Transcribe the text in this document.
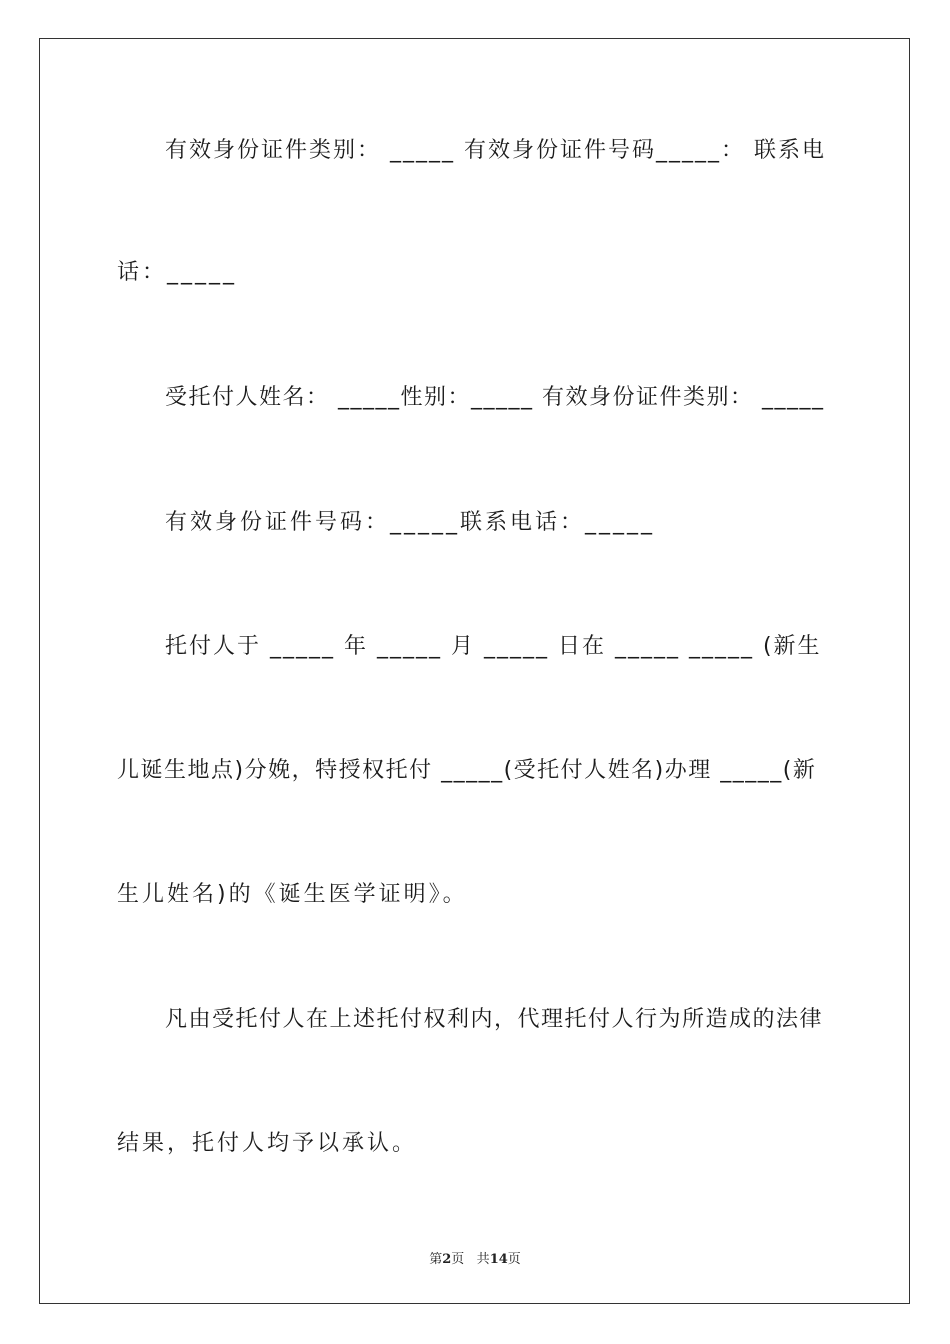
有效身份证件类别： _____ 有效身份证件号码_____： 联系电
话：_____
受托付人姓名： _____性别：_____ 有效身份证件类别： _____
有效身份证件号码：_____联系电话：_____
托付人于 _____ 年 _____ 月 _____ 日在 _____ _____ (新生
儿诞生地点)分娩，特授权托付 _____(受托付人姓名)办理 _____(新
生儿姓名)的《诞生医学证明》。
凡由受托付人在上述托付权利内，代理托付人行为所造成的法律
结果，托付人均予以承认。
第2页 共14页
